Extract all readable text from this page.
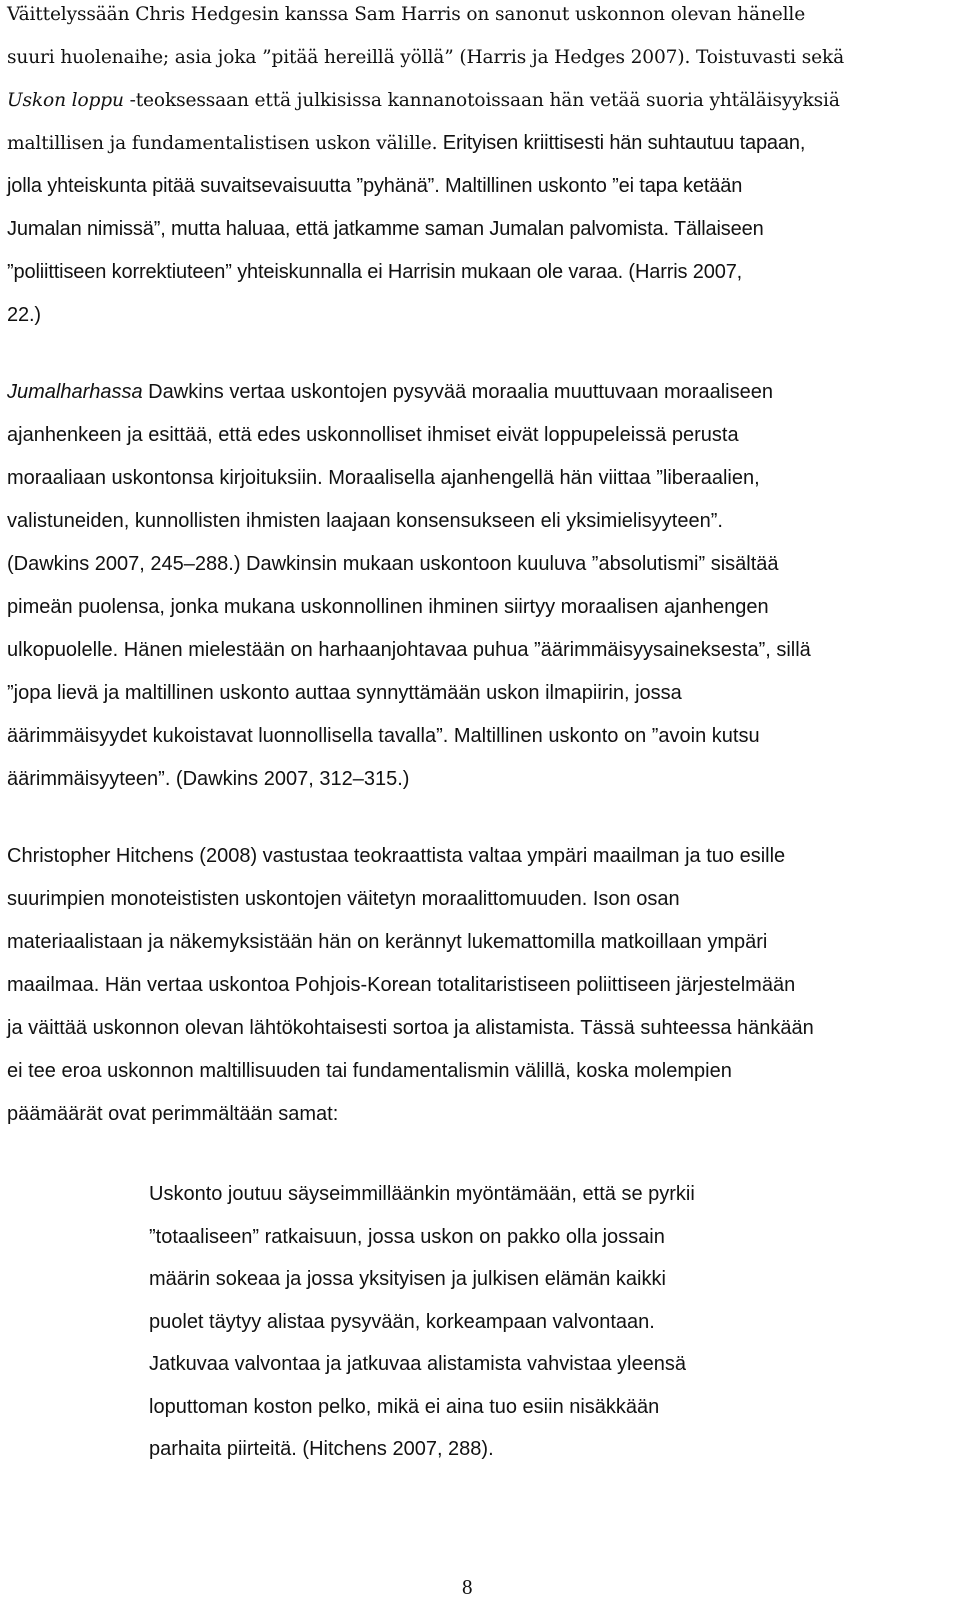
Väittelyssään Chris Hedgesin kanssa Sam Harris on sanonut uskonnon olevan hänelle
suuri huolenaihe; asia joka ”pitää hereillä yöllä” (Harris ja Hedges 2007). Toistuvasti sekä
Uskon loppu -teoksessaan että julkisissa kannanotoissaan hän vetää suoria yhtäläisyyksiä
maltillisen ja fundamentalistisen uskon välille. Erityisen kriittisesti hän suhtautuu tapaan,
jolla yhteiskunta pitää suvaitsevaisuutta ”pyhänä”. Maltillinen uskonto ”ei tapa ketään
Jumalan nimissä”, mutta haluaa, että jatkamme saman Jumalan palvomista. Tällaiseen
”poliittiseen korrektiuteen” yhteiskunnalla ei Harrisin mukaan ole varaa. (Harris 2007,
22.)
Jumalharhassa Dawkins vertaa uskontojen pysyvää moraalia muuttuvaan moraaliseen
ajanhenkeen ja esittää, että edes uskonnolliset ihmiset eivät loppupeleissä perusta
moraaliaan uskontonsa kirjoituksiin. Moraalisella ajanhengellä hän viittaa ”liberaalien,
valistuneiden, kunnollisten ihmisten laajaan konsensukseen eli yksimielisyyteen”.
(Dawkins 2007, 245‒288.) Dawkinsin mukaan uskontoon kuuluva ”absolutismi” sisältää
pimeän puolensa, jonka mukana uskonnollinen ihminen siirtyy moraalisen ajanhengen
ulkopuolelle. Hänen mielestään on harhaanjohtavaa puhua ”äärimmäisyysaineksesta”, sillä
”jopa lievä ja maltillinen uskonto auttaa synnyttämään uskon ilmapiirin, jossa
äärimmäisyydet kukoistavat luonnollisella tavalla”. Maltillinen uskonto on ”avoin kutsu
äärimmäisyyteen”. (Dawkins 2007, 312‒315.)
Christopher Hitchens (2008) vastustaa teokraattista valtaa ympäri maailman ja tuo esille
suurimpien monoteististen uskontojen väitetyn moraalittomuuden. Ison osan
materiaalistaan ja näkemyksistään hän on kerännyt lukemattomilla matkoillaan ympäri
maailmaa. Hän vertaa uskontoa Pohjois-Korean totalitaristiseen poliittiseen järjestelmään
ja väittää uskonnon olevan lähtökohtaisesti sortoa ja alistamista. Tässä suhteessa hänkään
ei tee eroa uskonnon maltillisuuden tai fundamentalismin välillä, koska molempien
päämäärät ovat perimmältään samat:
Uskonto joutuu säyseimmilläänkin myöntämään, että se pyrkii
”totaaliseen” ratkaisuun, jossa uskon on pakko olla jossain
määrin sokeaa ja jossa yksityisen ja julkisen elämän kaikki
puolet täytyy alistaa pysyvään, korkeampaan valvontaan.
Jatkuvaa valvontaa ja jatkuvaa alistamista vahvistaa yleensä
loputtoman koston pelko, mikä ei aina tuo esiin nisäkkään
parhaita piirteitä. (Hitchens 2007, 288).
8
